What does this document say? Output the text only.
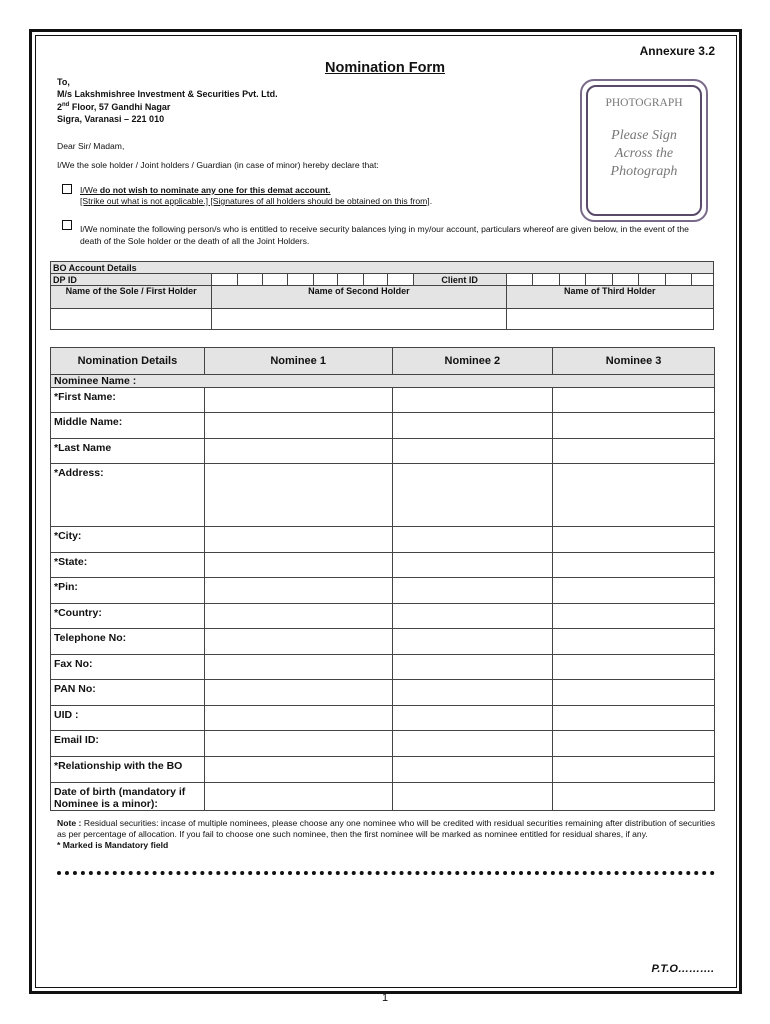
Annexure 3.2
Nomination Form
To,
M/s Lakshmishree Investment & Securities Pvt. Ltd.
2nd Floor, 57 Gandhi Nagar
Sigra, Varanasi – 221 010
Dear Sir/ Madam,
I/We the sole holder / Joint holders / Guardian (in case of minor) hereby declare that:
I/We do not wish to nominate any one for this demat account.
[Strike out what is not applicable.] [Signatures of all holders should be obtained on this from].
I/We nominate the following person/s who is entitled to receive security balances lying in my/our account, particulars whereof are given below, in the event of the death of the Sole holder or the death of all the Joint Holders.
PHOTOGRAPH
Please Sign
Across the
Photograph
BO Account Details																	
DP ID									Client ID								
Name of the Sole / First Holder	Name of Second Holder									Name of Third Holder							

Nomination Details	Nominee 1	Nominee 2	Nominee 3
Nominee Name :			
*First Name:			
Middle Name:			
*Last Name			
*Address:			
*City:			
*State:			
*Pin:			
*Country:			
Telephone No:			
Fax No:			
PAN No:			
UID :			
Email ID:			
*Relationship with the BO			
Date of birth (mandatory if Nominee is a minor):			
Note : Residual securities: incase of multiple nominees, please choose any one nominee who will be credited with residual securities remaining after distribution of securities as per percentage of allocation. If you fail to choose one such nominee, then the first nominee will be marked as nominee entitled for residual shares, if any.
* Marked is Mandatory field
P.T.O……….
1
